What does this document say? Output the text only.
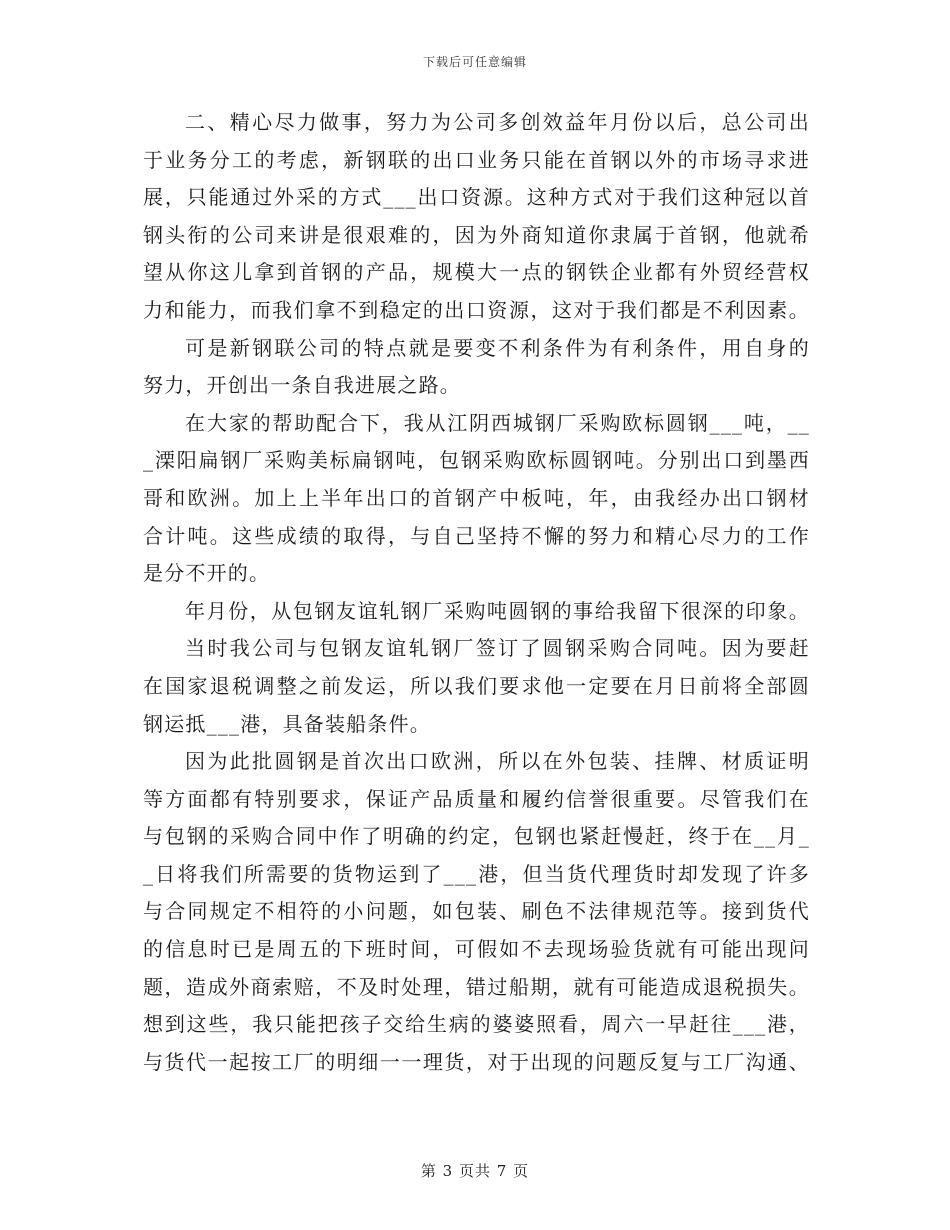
下载后可任意编辑
二、精心尽力做事，努力为公司多创效益年月份以后，总公司出
于业务分工的考虑，新钢联的出口业务只能在首钢以外的市场寻求进
展，只能通过外采的方式___出口资源。这种方式对于我们这种冠以首
钢头衔的公司来讲是很艰难的，因为外商知道你隶属于首钢，他就希
望从你这儿拿到首钢的产品，规模大一点的钢铁企业都有外贸经营权
力和能力，而我们拿不到稳定的出口资源，这对于我们都是不利因素。
可是新钢联公司的特点就是要变不利条件为有利条件，用自身的
努力，开创出一条自我进展之路。
在大家的帮助配合下，我从江阴西城钢厂采购欧标圆钢___吨，__
_溧阳扁钢厂采购美标扁钢吨，包钢采购欧标圆钢吨。分别出口到墨西
哥和欧洲。加上上半年出口的首钢产中板吨，年，由我经办出口钢材
合计吨。这些成绩的取得，与自己坚持不懈的努力和精心尽力的工作
是分不开的。
年月份，从包钢友谊轧钢厂采购吨圆钢的事给我留下很深的印象。
当时我公司与包钢友谊轧钢厂签订了圆钢采购合同吨。因为要赶
在国家退税调整之前发运，所以我们要求他一定要在月日前将全部圆
钢运抵___港，具备装船条件。
因为此批圆钢是首次出口欧洲，所以在外包装、挂牌、材质证明
等方面都有特别要求，保证产品质量和履约信誉很重要。尽管我们在
与包钢的采购合同中作了明确的约定，包钢也紧赶慢赶，终于在__月_
_日将我们所需要的货物运到了___港，但当货代理货时却发现了许多
与合同规定不相符的小问题，如包装、刷色不法律规范等。接到货代
的信息时已是周五的下班时间，可假如不去现场验货就有可能出现问
题，造成外商索赔，不及时处理，错过船期，就有可能造成退税损失。
想到这些，我只能把孩子交给生病的婆婆照看，周六一早赶往___港，
与货代一起按工厂的明细一一理货，对于出现的问题反复与工厂沟通、
第 3 页共 7 页
